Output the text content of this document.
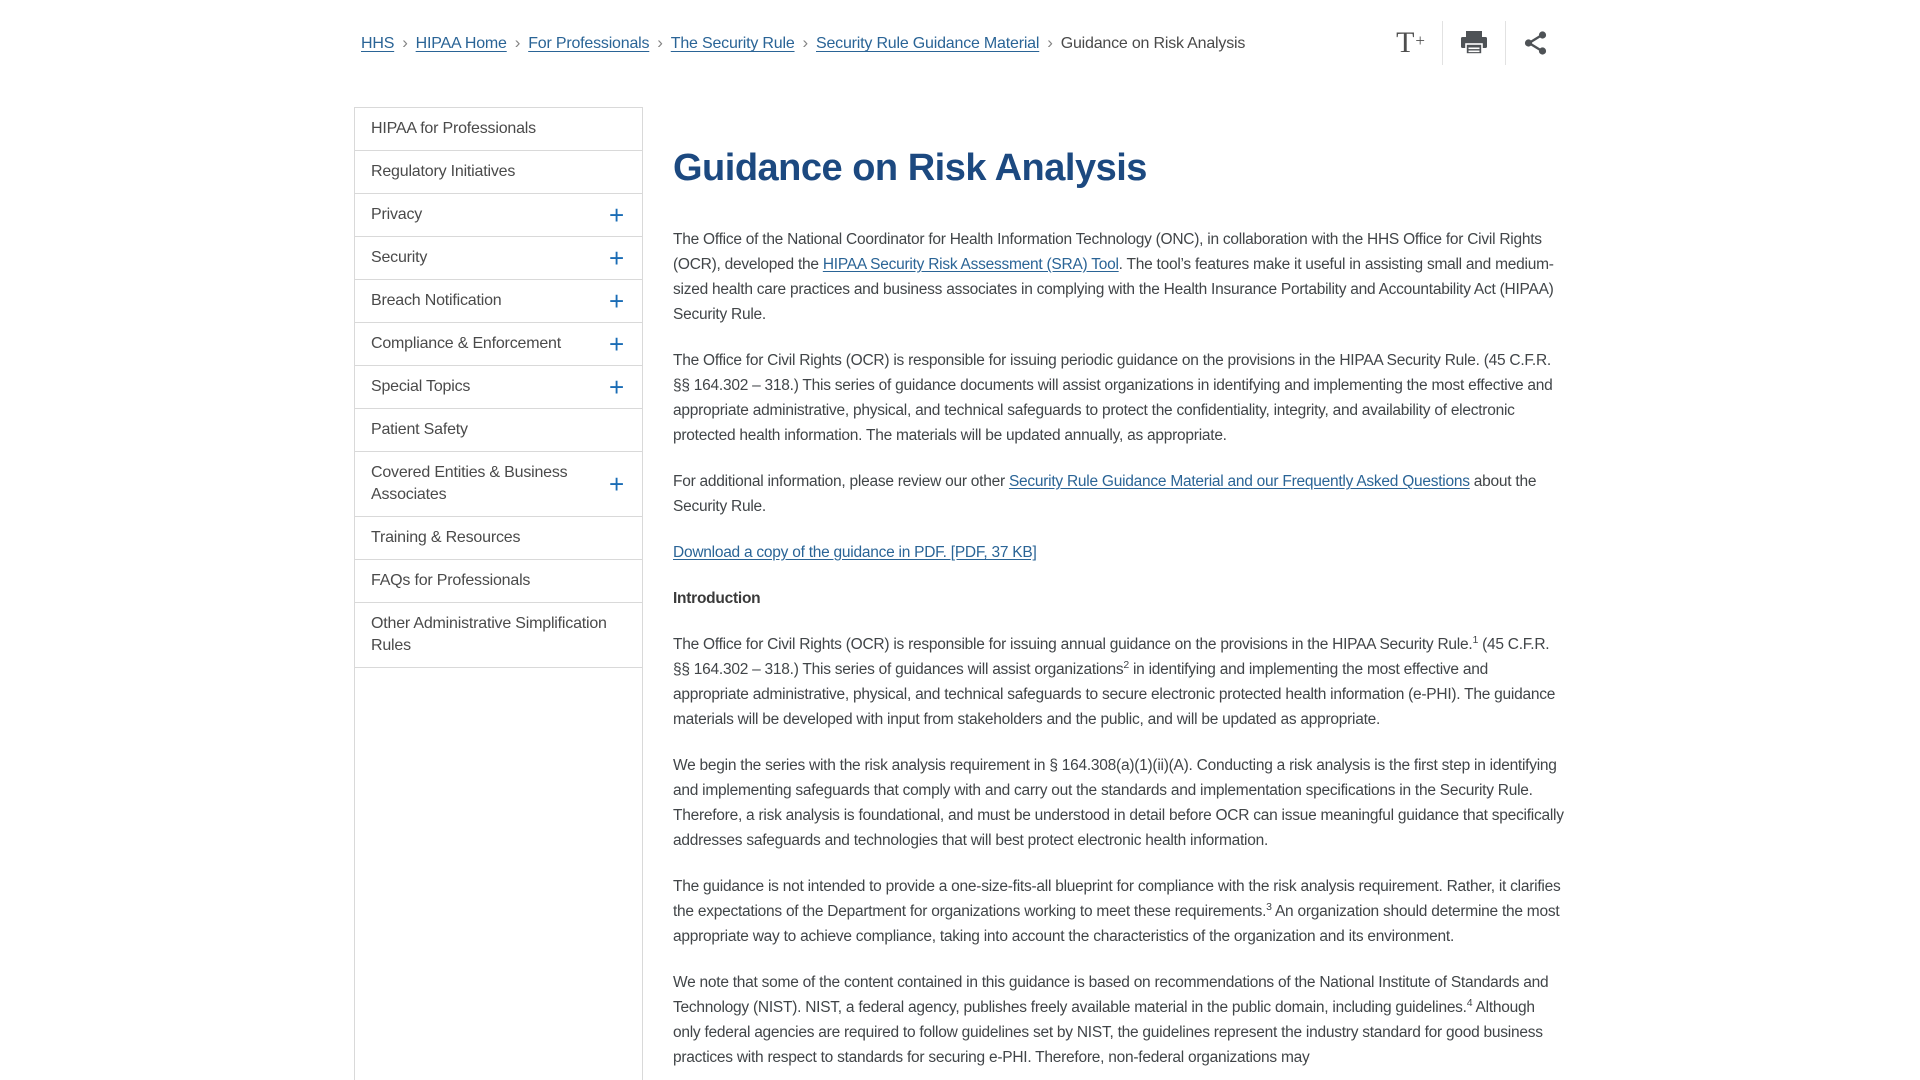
HHS › HIPAA Home › For Professionals › The Security Rule › Security Rule Guidance Material › Guidance on Risk Analysis	T+
HIPAA for Professionals
Regulatory Initiatives
Privacy	+
Security	+
Breach Notification	+
Compliance & Enforcement +
Special Topics	+
Patient Safety
Covered Entities & Business Associates	+
Training & Resources
FAQs for Professionals
Other Administrative Simplification Rules
Guidance on Risk Analysis

The Office of the National Coordinator for Health Information Technology (ONC), in collaboration with the HHS Office for Civil Rights (OCR), developed the HIPAA Security Risk Assessment (SRA) Tool. The tool’s features make it useful in assisting small and medium-sized health care practices and business associates in complying with the Health Insurance Portability and Accountability Act (HIPAA) Security Rule.

The Office for Civil Rights (OCR) is responsible for issuing periodic guidance on the provisions in the HIPAA Security Rule. (45 C.F.R. §§ 164.302 – 318.) This series of guidance documents will assist organizations in identifying and implementing the most effective and appropriate administrative, physical, and technical safeguards to protect the confidentiality, integrity, and availability of electronic protected health information. The materials will be updated annually, as appropriate.

For additional information, please review our other Security Rule Guidance Material and our Frequently Asked Questions about the Security Rule.

Download a copy of the guidance in PDF. [PDF, 37 KB]

Introduction

The Office for Civil Rights (OCR) is responsible for issuing annual guidance on the provisions in the HIPAA Security Rule.$^1$ (45 C.F.R. §§ 164.302 – 318.) This series of guidances will assist organizations$^2$ in identifying and implementing the most effective and appropriate administrative, physical, and technical safeguards to secure electronic protected health information (e-PHI). The guidance materials will be developed with input from stakeholders and the public, and will be updated as appropriate.

We begin the series with the risk analysis requirement in § 164.308(a)(1)(ii)(A). Conducting a risk analysis is the first step in identifying and implementing safeguards that comply with and carry out the standards and implementation specifications in the Security Rule. Therefore, a risk analysis is foundational, and must be understood in detail before OCR can issue meaningful guidance that specifically addresses safeguards and technologies that will best protect electronic health information.

The guidance is not intended to provide a one-size-fits-all blueprint for compliance with the risk analysis requirement. Rather, it clarifies the expectations of the Department for organizations working to meet these requirements.$^3$ An organization should determine the most appropriate way to achieve compliance, taking into account the characteristics of the organization and its environment.

We note that some of the content contained in this guidance is based on recommendations of the National Institute of Standards and Technology (NIST). NIST, a federal agency, publishes freely available material in the public domain, including guidelines.$^4$ Although only federal agencies are required to follow guidelines set by NIST, the guidelines represent the industry standard for good business practices with respect to standards for securing e-PHI. Therefore, non-federal organizations may
